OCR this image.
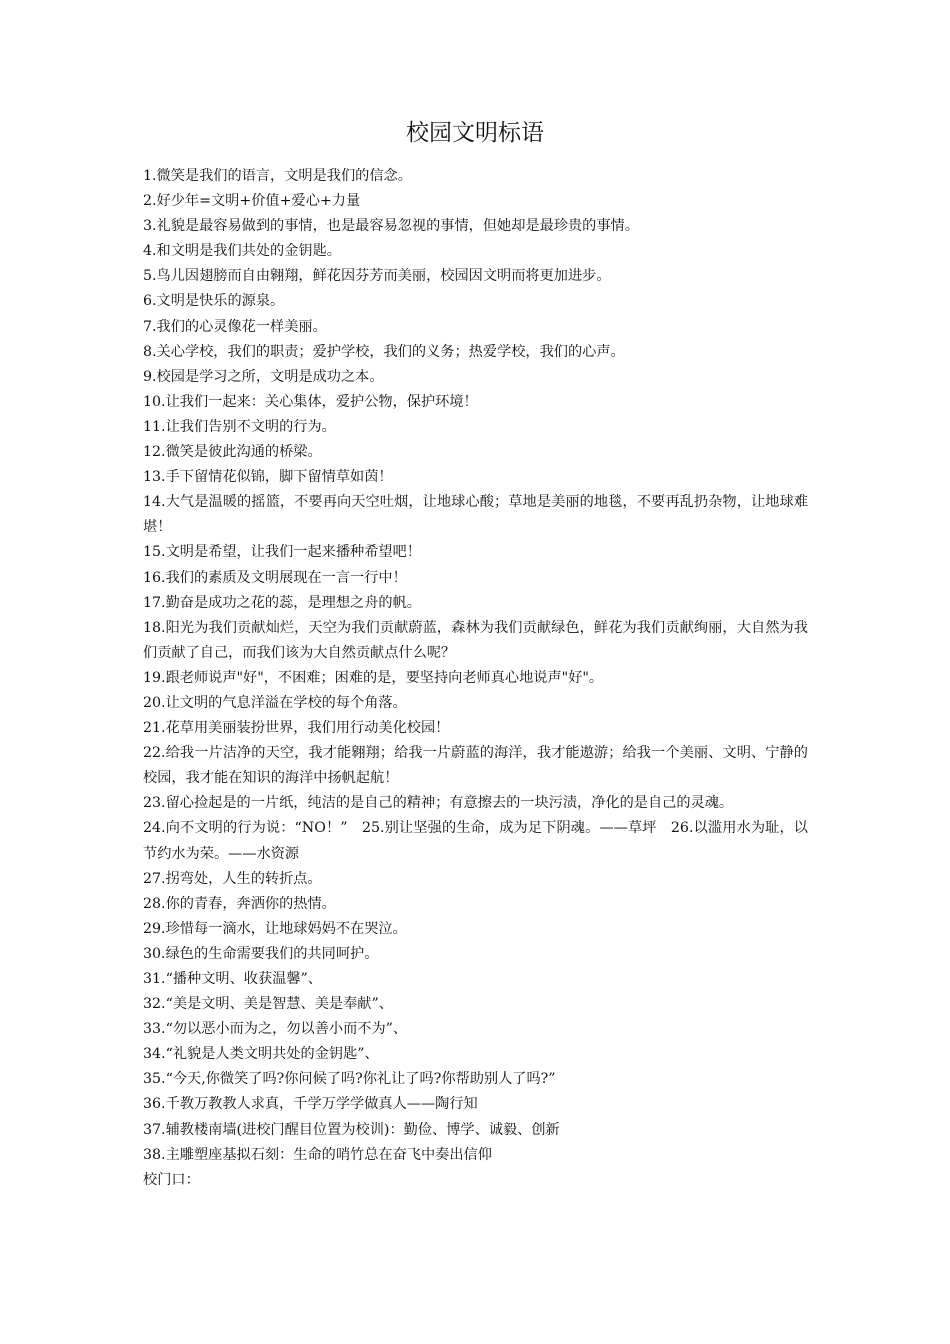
校园文明标语
1.微笑是我们的语言，文明是我们的信念。
2.好少年=文明+价值+爱心+力量
3.礼貌是最容易做到的事情，也是最容易忽视的事情，但她却是最珍贵的事情。
4.和文明是我们共处的金钥匙。
5.鸟儿因翅膀而自由翱翔，鲜花因芬芳而美丽，校园因文明而将更加进步。
6.文明是快乐的源泉。
7.我们的心灵像花一样美丽。
8.关心学校，我们的职责；爱护学校，我们的义务；热爱学校，我们的心声。
9.校园是学习之所，文明是成功之本。
10.让我们一起来：关心集体，爱护公物，保护环境！
11.让我们告别不文明的行为。
12.微笑是彼此沟通的桥梁。
13.手下留情花似锦，脚下留情草如茵！
14.大气是温暖的摇篮，不要再向天空吐烟，让地球心酸；草地是美丽的地毯，不要再乱扔杂物，让地球难堪！
15.文明是希望，让我们一起来播种希望吧！
16.我们的素质及文明展现在一言一行中！
17.勤奋是成功之花的蕊，是理想之舟的帆。
18.阳光为我们贡献灿烂，天空为我们贡献蔚蓝，森林为我们贡献绿色，鲜花为我们贡献绚丽，大自然为我们贡献了自己，而我们该为大自然贡献点什么呢？
19.跟老师说声"好"，不困难；困难的是，要坚持向老师真心地说声"好"。
20.让文明的气息洋溢在学校的每个角落。
21.花草用美丽装扮世界，我们用行动美化校园！
22.给我一片洁净的天空，我才能翱翔；给我一片蔚蓝的海洋，我才能遨游；给我一个美丽、文明、宁静的校园，我才能在知识的海洋中扬帆起航！
23.留心捡起是的一片纸，纯洁的是自己的精神；有意擦去的一块污渍，净化的是自己的灵魂。
24.向不文明的行为说：“NO！”　25.别让坚强的生命，成为足下阴魂。——草坪　26.以滥用水为耻，以节约水为荣。——水资源
27.拐弯处，人生的转折点。
28.你的青春，奔洒你的热情。
29.珍惜每一滴水，让地球妈妈不在哭泣。
30.绿色的生命需要我们的共同呵护。
31.“播种文明、收获温馨”、
32.“美是文明、美是智慧、美是奉献”、
33.“勿以恶小而为之，勿以善小而不为”、
34.“礼貌是人类文明共处的金钥匙”、
35.“今天,你微笑了吗?你问候了吗?你礼让了吗?你帮助别人了吗?”
36.千教万教教人求真，千学万学学做真人——陶行知
37.辅教楼南墙(进校门醒目位置为校训)：勤俭、博学、诚毅、创新
38.主雕塑座基拟石刻：生命的哨竹总在奋飞中奏出信仰
校门口：
